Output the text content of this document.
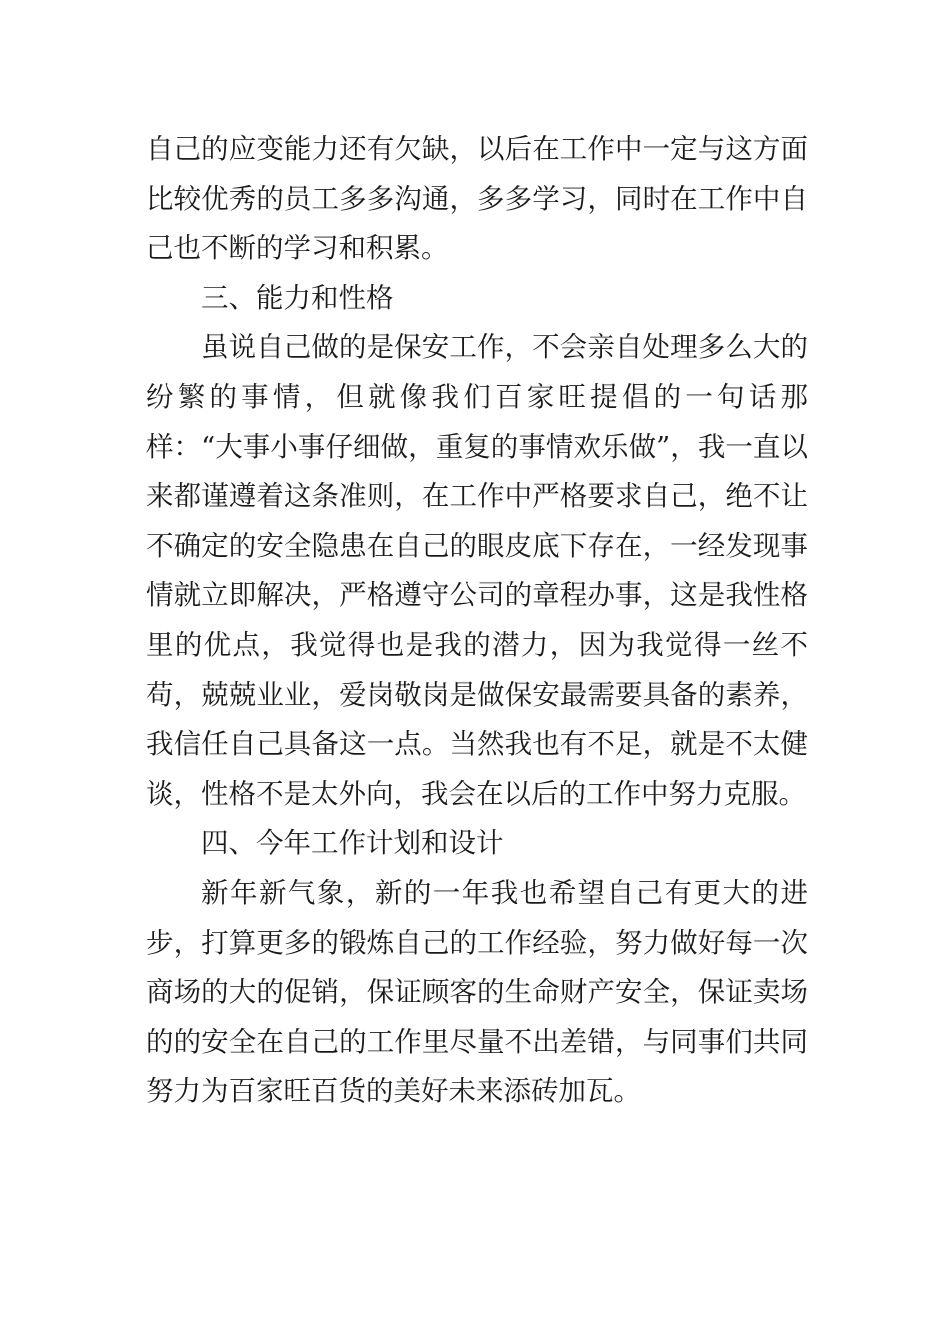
自己的应变能力还有欠缺，以后在工作中一定与这方面比较优秀的员工多多沟通，多多学习，同时在工作中自己也不断的学习和积累。

三、能力和性格

虽说自己做的是保安工作，不会亲自处理多么大的纷繁的事情，但就像我们百家旺提倡的一句话那样：“大事小事仔细做，重复的事情欢乐做”，我一直以来都谨遵着这条准则，在工作中严格要求自己，绝不让不确定的安全隐患在自己的眼皮底下存在，一经发现事情就立即解决，严格遵守公司的章程办事，这是我性格里的优点，我觉得也是我的潜力，因为我觉得一丝不苟，兢兢业业，爱岗敬岗是做保安最需要具备的素养，我信任自己具备这一点。当然我也有不足，就是不太健谈，性格不是太外向，我会在以后的工作中努力克服。

四、今年工作计划和设计

新年新气象，新的一年我也希望自己有更大的进步，打算更多的锻炼自己的工作经验，努力做好每一次商场的大的促销，保证顾客的生命财产安全，保证卖场的的安全在自己的工作里尽量不出差错，与同事们共同努力为百家旺百货的美好未来添砖加瓦。
